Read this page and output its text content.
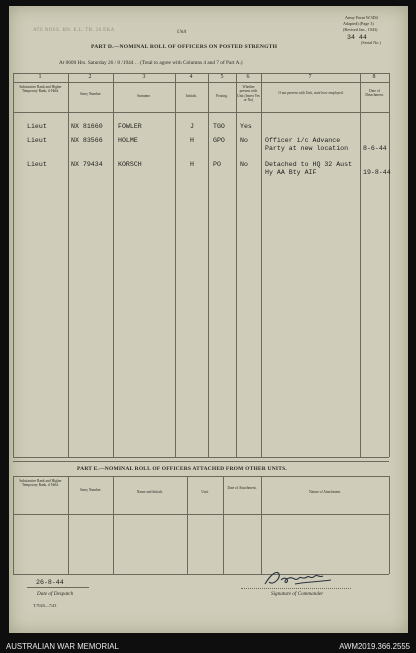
ATS NOSS. BN. E.L. TR. 26 EKA	Unit
Army Form W.3D4
Adapted) (Page 3)
(Revised Jan., 1943)
34 44
(Serial No.)
PART D.—NOMINAL ROLL OF OFFICERS ON POSTED STRENGTH
At 0600 Hrs. Saturday 26 / 8 /1944 . . (Total to agree with Columns 4 and 7 of Part A.)
1	2	3	4	5	6	7	8
Substantive Rank and Higher Temporary Rank, if Held.
Army Number.	Surname.	Initials.	Posting.
Whether present with Unit (Insert Yes or No)
If not present with Unit, state how employed.	Date of Detachment.
Lieut	NX 81660 FOWLER	J	TGO Yes
Lieut	NX 83566 HOLME	H	GPO No	Officer i/c Advance
Party at new location 8-6-44
Lieut	NX 79434 KORSCH	H	PO	No	Detached to HQ 32 Aust
Hy AA Bty AIF	19-8-44
PART E.—NOMINAL ROLL OF OFFICERS ATTACHED FROM OTHER UNITS.
Substantive Rank and Higher Temporary Rank, if Held.
Army Number.	Name and Initials.	Unit.
Date of Attachment.
Nature of Attachment.
26-8-44
Date of Despatch	Signature of Commander
T.7020—7/43
AUSTRALIAN WAR MEMORIAL	AWM2019.366.2555
